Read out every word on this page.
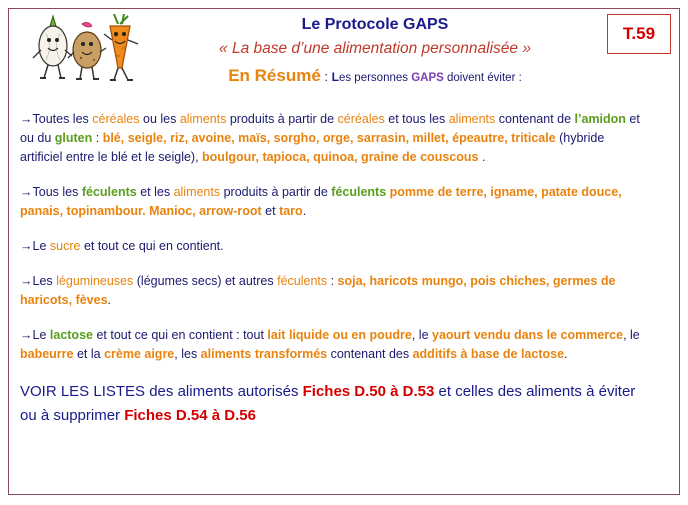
T.59
Le Protocole GAPS
« La base d’une alimentation personnalisée »
En Résumé : Les personnes GAPS doivent éviter :

→Toutes les céréales ou les aliments produits à partir de céréales et tous les aliments contenant de l’amidon et ou du gluten : blé, seigle, riz, avoine, maïs, sorgho, orge, sarrasin, millet, épeautre, triticale (hybride artificiel entre le blé et le seigle), boulgour, tapioca, quinoa, graine de couscous .

→Tous les féculents et les aliments produits à partir de féculents pomme de terre, igname, patate douce, panais, topinambour. Manioc, arrow-root et taro.

→Le sucre et tout ce qui en contient.

→Les légumineuses (légumes secs) et autres féculents : soja, haricots mungo, pois chiches, germes de haricots, fèves.

→Le lactose et tout ce qui en contient : tout lait liquide ou en poudre, le yaourt vendu dans le commerce, le babeurre et la crème aigre, les aliments transformés contenant des additifs à base de lactose.

VOIR LES LISTES des aliments autorisés Fiches D.50 à D.53 et celles des aliments à éviter ou à supprimer Fiches D.54 à D.56
